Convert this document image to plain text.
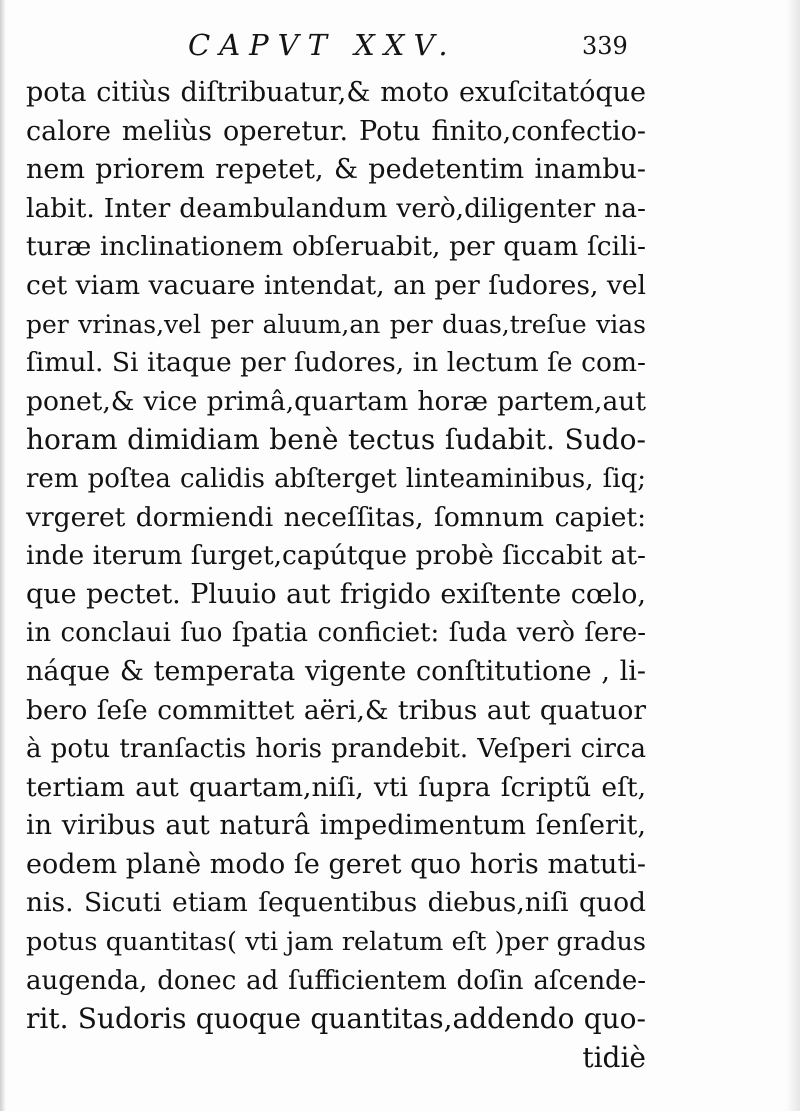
CAPVT XXV.	339
pota citiùs diſtribuatur,& moto exuſcitatóque
calore meliùs operetur. Potu finito,confectio-
nem priorem repetet, & pedetentim inambu-
labit. Inter deambulandum verò,diligenter na-
turæ inclinationem obſeruabit, per quam ſcili-
cet viam vacuare intendat, an per ſudores, vel
per vrinas,vel per aluum,an per duas,treſue vias
ſimul. Si itaque per ſudores, in lectum ſe com-
ponet,& vice primâ,quartam horæ partem,aut
horam dimidiam benè tectus ſudabit. Sudo-
rem poſtea calidis abſterget linteaminibus, ſiq;
vrgeret dormiendi neceſſitas, ſomnum capiet:
inde iterum ſurget,capútque probè ſiccabit at-
que pectet. Pluuio aut frigido exiſtente cœlo,
in conclaui ſuo ſpatia conficiet: ſuda verò ſere-
náque & temperata vigente conſtitutione , li-
bero ſeſe committet aëri,& tribus aut quatuor
à potu tranſactis horis prandebit. Veſperi circa
tertiam aut quartam,niſi, vti ſupra ſcriptũ eſt,
in viribus aut naturâ impedimentum ſenſerit,
eodem planè modo ſe geret quo horis matuti-
nis. Sicuti etiam ſequentibus diebus,niſi quod
potus quantitas( vti jam relatum eſt )per gradus
augenda, donec ad ſufficientem doſin aſcende-
rit. Sudoris quoque quantitas,addendo quo-
tidiè
